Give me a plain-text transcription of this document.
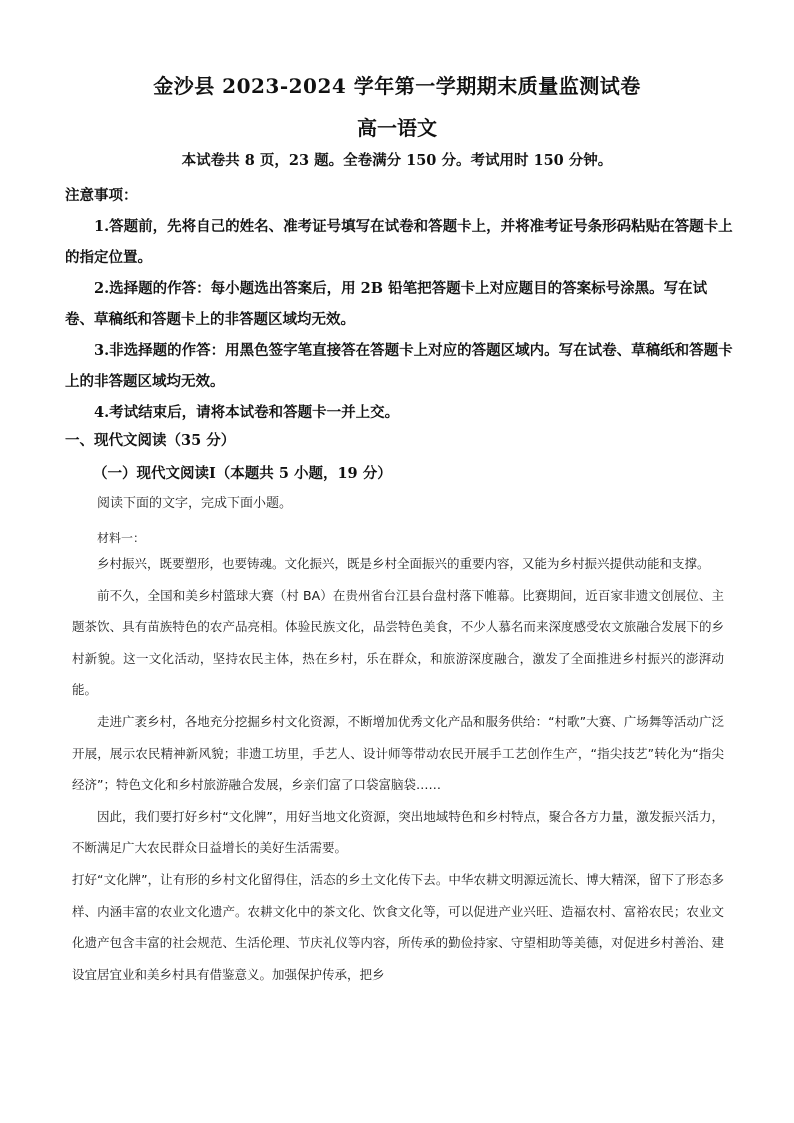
金沙县 2023-2024 学年第一学期期末质量监测试卷
高一语文
本试卷共 8 页，23 题。全卷满分 150 分。考试用时 150 分钟。
注意事项：

1.答题前，先将自己的姓名、准考证号填写在试卷和答题卡上，并将准考证号条形码粘贴在答题卡上的指定位置。

2.选择题的作答：每小题选出答案后，用 2B 铅笔把答题卡上对应题目的答案标号涂黑。写在试卷、草稿纸和答题卡上的非答题区域均无效。

3.非选择题的作答：用黑色签字笔直接答在答题卡上对应的答题区域内。写在试卷、草稿纸和答题卡上的非答题区域均无效。

4.考试结束后，请将本试卷和答题卡一并上交。

一、现代文阅读（35 分）
（一）现代文阅读Ⅰ（本题共 5 小题，19 分）
阅读下面的文字，完成下面小题。
材料一：

乡村振兴，既要塑形，也要铸魂。文化振兴，既是乡村全面振兴的重要内容，又能为乡村振兴提供动能和支撑。

前不久，全国和美乡村篮球大赛（村 BA）在贵州省台江县台盘村落下帷幕。比赛期间，近百家非遗文创展位、主题茶饮、具有苗族特色的农产品亮相。体验民族文化，品尝特色美食，不少人慕名而来深度感受农文旅融合发展下的乡村新貌。这一文化活动，坚持农民主体，热在乡村，乐在群众，和旅游深度融合，激发了全面推进乡村振兴的澎湃动能。

走进广袤乡村，各地充分挖掘乡村文化资源，不断增加优秀文化产品和服务供给：“村歌”大赛、广场舞等活动广泛开展，展示农民精神新风貌；非遗工坊里，手艺人、设计师等带动农民开展手工艺创作生产，“指尖技艺”转化为“指尖经济”；特色文化和乡村旅游融合发展，乡亲们富了口袋富脑袋……

因此，我们要打好乡村“文化牌”，用好当地文化资源，突出地域特色和乡村特点，聚合各方力量，激发振兴活力，不断满足广大农民群众日益增长的美好生活需要。

打好“文化牌”，让有形的乡村文化留得住，活态的乡土文化传下去。中华农耕文明源远流长、博大精深，留下了形态多样、内涵丰富的农业文化遗产。农耕文化中的茶文化、饮食文化等，可以促进产业兴旺、造福农村、富裕农民；农业文化遗产包含丰富的社会规范、生活伦理、节庆礼仪等内容，所传承的勤俭持家、守望相助等美德，对促进乡村善治、建设宜居宜业和美乡村具有借鉴意义。加强保护传承，把乡
